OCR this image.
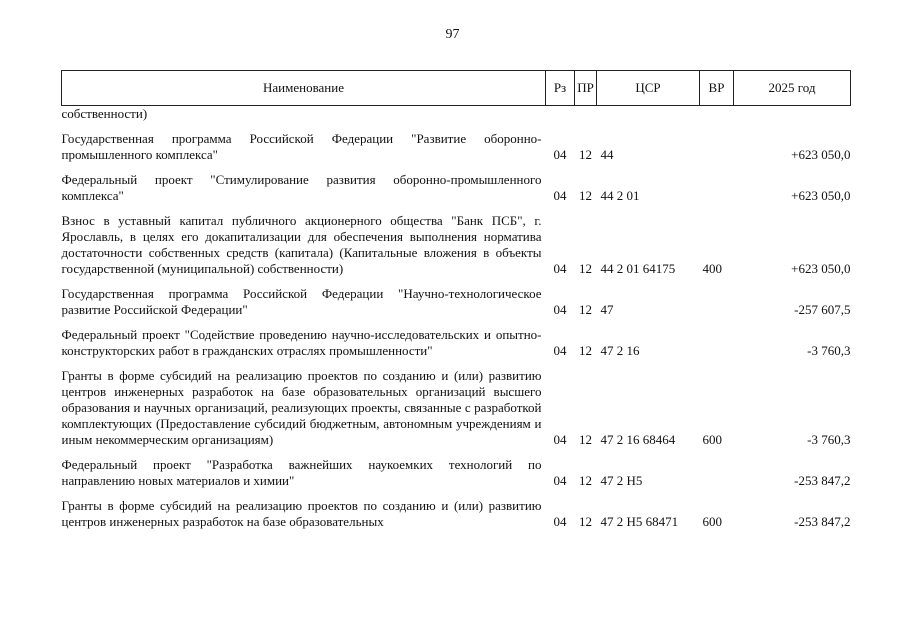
97
Наименование	Рз	ПР	ЦСР	ВР	2025 год
собственности)					
Государственная программа Российской Федерации "Развитие оборонно-промышленного комплекса"	04	12	44		+623 050,0
Федеральный проект "Стимулирование развития оборонно-промышленного комплекса"	04	12	44 2 01		+623 050,0
Взнос в уставный капитал публичного акционерного общества "Банк ПСБ", г. Ярославль, в целях его докапитализации для обеспечения выполнения норматива достаточности собственных средств (капитала) (Капитальные вложения в объекты государственной (муниципальной) собственности)	04	12	44 2 01 64175	400	+623 050,0
Государственная программа Российской Федерации "Научно-технологическое развитие Российской Федерации"	04	12	47		-257 607,5
Федеральный проект "Содействие проведению научно-исследовательских и опытно-конструкторских работ в гражданских отраслях промышленности"	04	12	47 2 16		-3 760,3
Гранты в форме субсидий на реализацию проектов по созданию и (или) развитию центров инженерных разработок на базе образовательных организаций высшего образования и научных организаций, реализующих проекты, связанные с разработкой комплектующих (Предоставление субсидий бюджетным, автономным учреждениям и иным некоммерческим организациям)	04	12	47 2 16 68464	600	-3 760,3
Федеральный проект "Разработка важнейших наукоемких технологий по направлению новых материалов и химии"	04	12	47 2 Н5		-253 847,2
Гранты в форме субсидий на реализацию проектов по созданию и (или) развитию центров инженерных разработок на базе образовательных	04	12	47 2 Н5 68471	600	-253 847,2
